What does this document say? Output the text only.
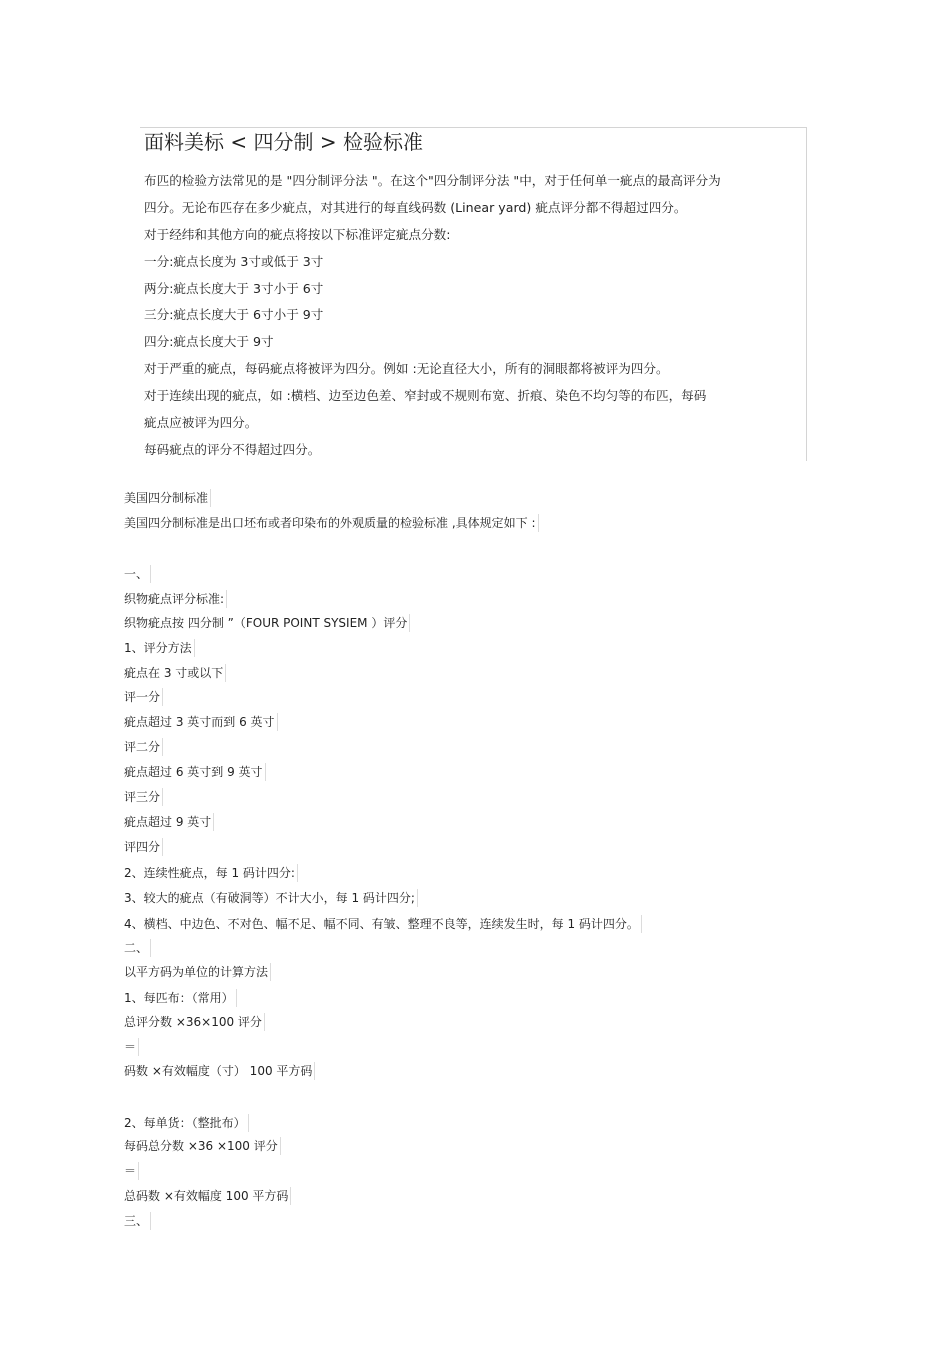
面料美标 < 四分制 > 检验标准
布匹的检验方法常见的是 "四分制评分法 "。在这个"四分制评分法 "中，对于任何单一疵点的最高评分为
四分。无论布匹存在多少疵点，对其进行的每直线码数 (Linear yard) 疵点评分都不得超过四分。
对于经纬和其他方向的疵点将按以下标准评定疵点分数:
一分:疵点长度为 3寸或低于 3寸
两分:疵点长度大于 3寸小于 6寸
三分:疵点长度大于 6寸小于 9寸
四分:疵点长度大于 9寸
对于严重的疵点，每码疵点将被评为四分。例如 :无论直径大小，所有的洞眼都将被评为四分。
对于连续出现的疵点，如 :横档、边至边色差、窄封或不规则布宽、折痕、染色不均匀等的布匹，每码
疵点应被评为四分。
每码疵点的评分不得超过四分。
美国四分制标准
美国四分制标准是出口坯布或者印染布的外观质量的检验标准 ,具体规定如下 :
一、
织物疵点评分标准:
织物疵点按 四分制 ”（FOUR POINT SYSIEM ）评分
1、评分方法
疵点在 3 寸或以下
评一分
疵点超过 3 英寸而到 6 英寸
评二分
疵点超过 6 英寸到 9 英寸
评三分
疵点超过 9 英寸
评四分
2、连续性疵点，每 1 码计四分:
3、较大的疵点（有破洞等）不计大小，每 1 码计四分;
4、横档、中边色、不对色、幅不足、幅不同、有皱、整理不良等，连续发生时，每 1 码计四分。
二、
以平方码为单位的计算方法
1、每匹布：（常用）
总评分数 ×36×100 评分
＝
码数 ×有效幅度（寸） 100 平方码
2、每单货：（整批布）
每码总分数 ×36 ×100 评分
＝
总码数 ×有效幅度 100 平方码
三、
